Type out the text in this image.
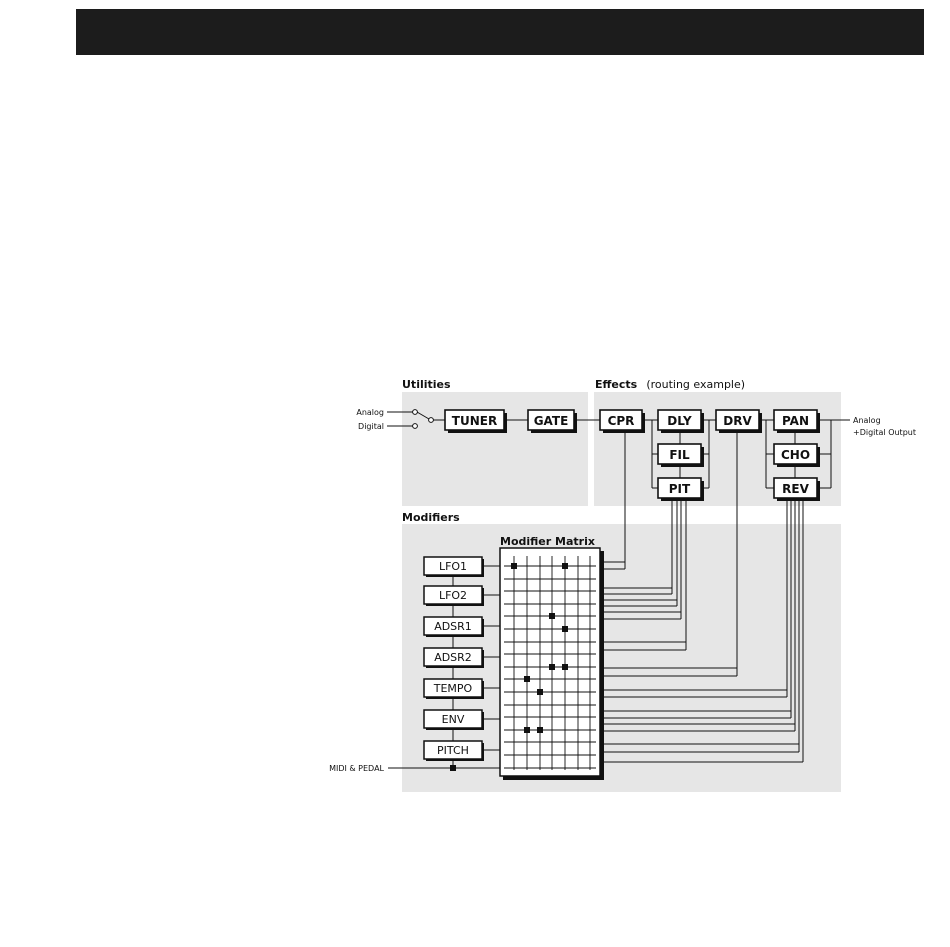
Utilities	Effects (routing example)
Modifiers
Analog
Digital
Analog
+Digital Output
TUNER	GATE	CPR	DLY
FIL
PIT
DRV	PAN
CHO
REV
Modifier Matrix
LFO1
LFO2
ADSR1
ADSR2
TEMPO
ENV
PITCH
MIDI & PEDAL
